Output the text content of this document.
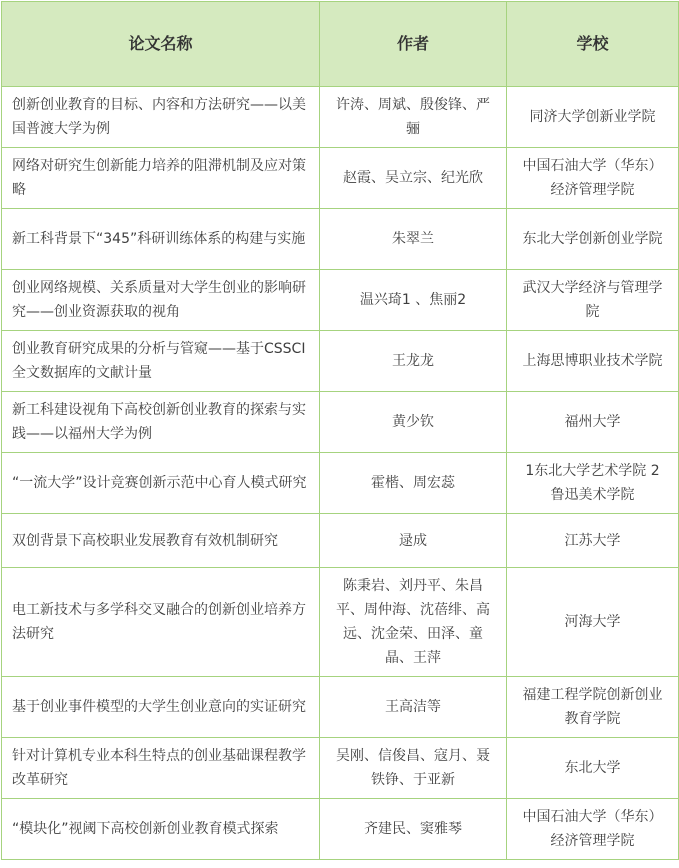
论文名称	作者	学校
创新创业教育的目标、内容和方法研究——以美国普渡大学为例	许涛、周斌、殷俊锋、严骊	同济大学创新业学院
网络对研究生创新能力培养的阻滞机制及应对策略	赵霞、吴立宗、纪光欣	中国石油大学（华东）经济管理学院
新工科背景下“345”科研训练体系的构建与实施	朱翠兰	东北大学创新创业学院
创业网络规模、关系质量对大学生创业的影响研究——创业资源获取的视角	温兴琦1 、焦丽2	武汉大学经济与管理学院
创业教育研究成果的分析与管窥——基于CSSCI全文数据库的文献计量	王龙龙	上海思博职业技术学院
新工科建设视角下高校创新创业教育的探索与实践——以福州大学为例	黄少钦	福州大学
“一流大学”设计竞赛创新示范中心育人模式研究	霍楷、周宏蕊	1东北大学艺术学院 2鲁迅美术学院
双创背景下高校职业发展教育有效机制研究	逯成	江苏大学
电工新技术与多学科交叉融合的创新创业培养方法研究	陈秉岩、刘丹平、朱昌平、周仲海、沈蓓绯、高远、沈金荣、田泽、童晶、王萍	河海大学
基于创业事件模型的大学生创业意向的实证研究	王高洁等	福建工程学院创新创业教育学院
针对计算机专业本科生特点的创业基础课程教学改革研究	吴刚、信俊昌、寇月、聂铁铮、于亚新	东北大学
“模块化”视阈下高校创新创业教育模式探索	齐建民、窦雅琴	中国石油大学（华东）经济管理学院
